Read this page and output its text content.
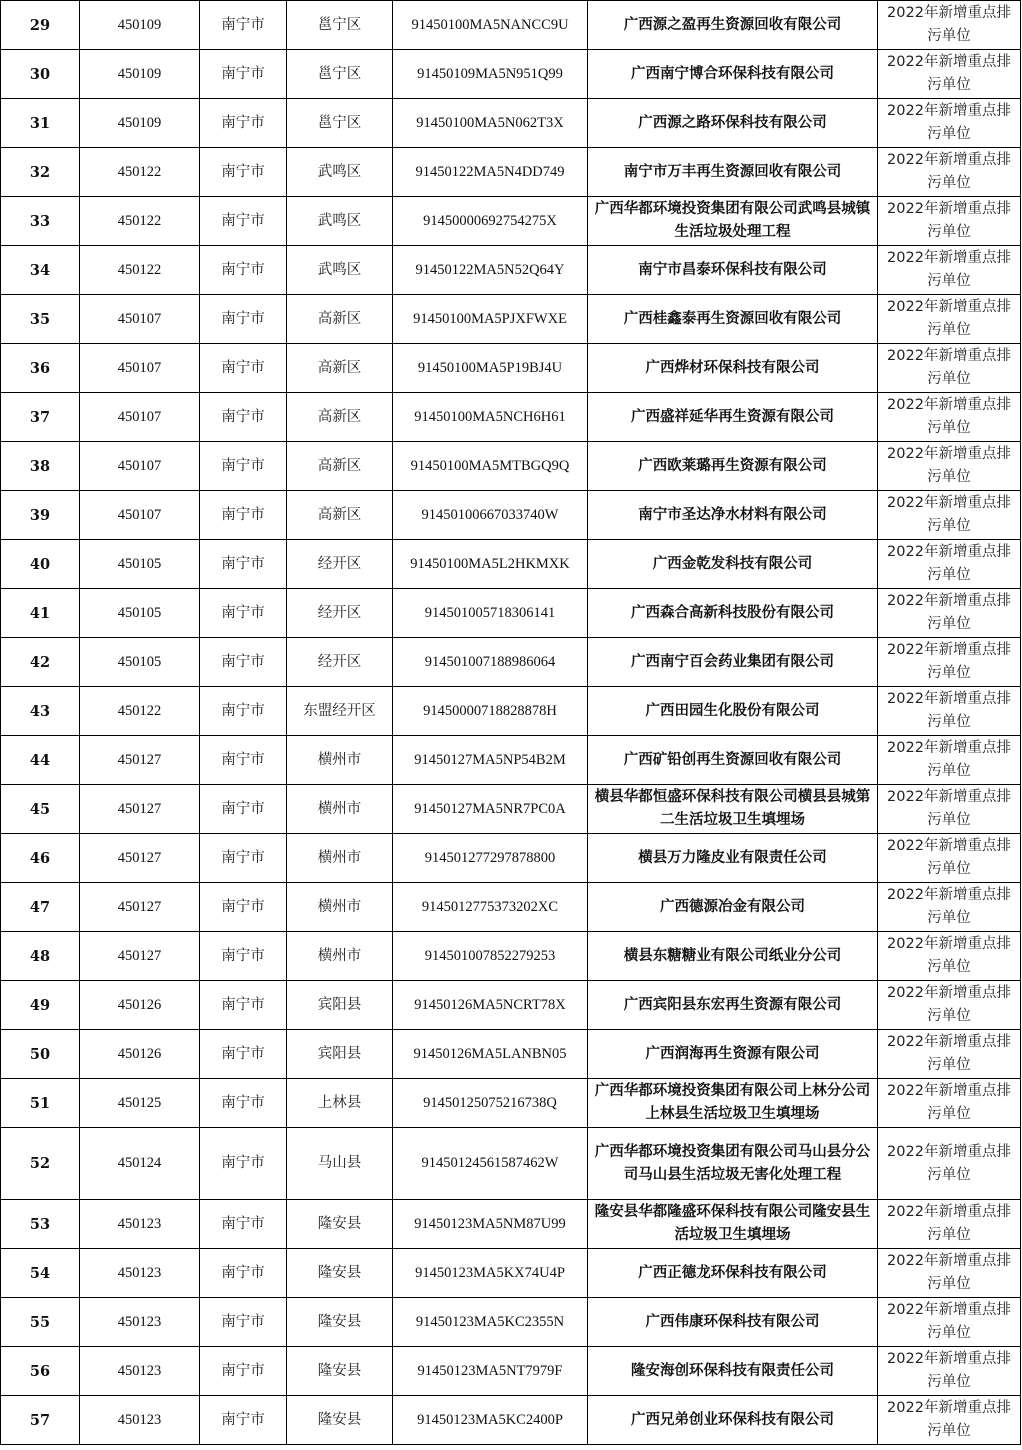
29	450109	南宁市	邕宁区	91450100MA5NANCC9U	广西源之盈再生资源回收有限公司	2022年新增重点排污单位
30	450109	南宁市	邕宁区	91450109MA5N951Q99	广西南宁博合环保科技有限公司	2022年新增重点排污单位
31	450109	南宁市	邕宁区	91450100MA5N062T3X	广西源之路环保科技有限公司	2022年新增重点排污单位
32	450122	南宁市	武鸣区	91450122MA5N4DD749	南宁市万丰再生资源回收有限公司	2022年新增重点排污单位
33	450122	南宁市	武鸣区	914500006927542​75X	广西华都环境投资集团有限公司武鸣县城镇生活垃圾处理工程	2022年新增重点排污单位
34	450122	南宁市	武鸣区	91450122MA5N52Q64Y	南宁市昌泰环保科技有限公司	2022年新增重点排污单位
35	450107	南宁市	高新区	91450100MA5PJXFWXE	广西桂鑫泰再生资源回收有限公司	2022年新增重点排污单位
36	450107	南宁市	高新区	91450100MA5P19BJ4U	广西烨材环保科技有限公司	2022年新增重点排污单位
37	450107	南宁市	高新区	91450100MA5NCH6H61	广西盛祥延华再生资源有限公司	2022年新增重点排污单位
38	450107	南宁市	高新区	91450100MA5MTBGQ9Q	广西欧莱璐再生资源有限公司	2022年新增重点排污单位
39	450107	南宁市	高新区	91450100667033740W	南宁市圣达净水材料有限公司	2022年新增重点排污单位
40	450105	南宁市	经开区	91450100MA5L2HKMXK	广西金乾发科技有限公司	2022年新增重点排污单位
41	450105	南宁市	经开区	914501005718306141	广西森合高新科技股份有限公司	2022年新增重点排污单位
42	450105	南宁市	经开区	914501007188986064	广西南宁百会药业集团有限公司	2022年新增重点排污单位
43	450122	南宁市	东盟经开区	91450000718828878H	广西田园生化股份有限公司	2022年新增重点排污单位
44	450127	南宁市	横州市	91450127MA5NP54B2M	广西矿铅创再生资源回收有限公司	2022年新增重点排污单位
45	450127	南宁市	横州市	91450127MA5NR7PC0A	横县华都恒盛环保科技有限公司横县县城第二生活垃圾卫生填埋场	2022年新增重点排污单位
46	450127	南宁市	横州市	914501277297878800	横县万力隆皮业有限责任公司	2022年新增重点排污单位
47	450127	南宁市	横州市	914501277537320​2XC	广西德源冶金有限公司	2022年新增重点排污单位
48	450127	南宁市	横州市	914501007852279253	横县东糖糖业有限公司纸业分公司	2022年新增重点排污单位
49	450126	南宁市	宾阳县	91450126MA5NCRT78X	广西宾阳县东宏再生资源有限公司	2022年新增重点排污单位
50	450126	南宁市	宾阳县	91450126MA5LANBN05	广西润海再生资源有限公司	2022年新增重点排污单位
51	450125	南宁市	上林县	91450125075216738Q	广西华都环境投资集团有限公司上林分公司上林县生活垃圾卫生填埋场	2022年新增重点排污单位
52	450124	南宁市	马山县	91450124561587462W	广西华都环境投资集团有限公司马山县分公司马山县生活垃圾无害化处理工程	2022年新增重点排污单位
53	450123	南宁市	隆安县	91450123MA5NM87U99	隆安县华都隆盛环保科技有限公司隆安县生活垃圾卫生填埋场	2022年新增重点排污单位
54	450123	南宁市	隆安县	91450123MA5KX74U4P	广西正德龙环保科技有限公司	2022年新增重点排污单位
55	450123	南宁市	隆安县	91450123MA5KC2355N	广西伟康环保科技有限公司	2022年新增重点排污单位
56	450123	南宁市	隆安县	91450123MA5NT7979F	隆安海创环保科技有限责任公司	2022年新增重点排污单位
57	450123	南宁市	隆安县	91450123MA5KC2400P	广西兄弟创业环保科技有限公司	2022年新增重点排污单位
